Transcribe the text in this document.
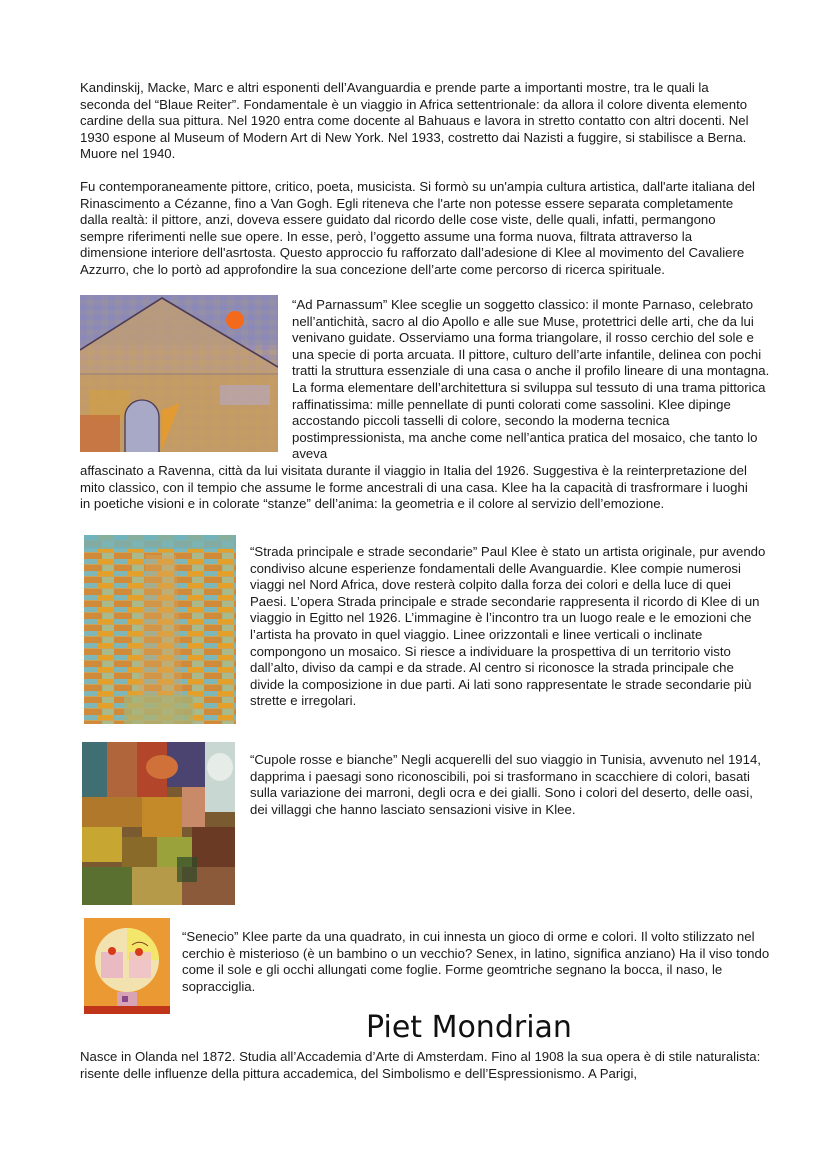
Kandinskij, Macke, Marc e altri esponenti dell’Avanguardia e prende parte a importanti mostre, tra le quali la seconda del “Blaue Reiter”. Fondamentale è un viaggio in Africa settentrionale: da allora il colore diventa elemento cardine della sua pittura. Nel 1920 entra come docente al Bahuaus e lavora in stretto contatto con altri docenti. Nel 1930 espone al Museum of Modern Art di New York. Nel 1933, costretto dai Nazisti a fuggire, si stabilisce a Berna. Muore nel 1940.

Fu contemporaneamente pittore, critico, poeta, musicista. Si formò su un'ampia cultura artistica, dall'arte italiana del Rinascimento a Cézanne, fino a Van Gogh. Egli riteneva che l'arte non potesse essere separata completamente dalla realtà: il pittore, anzi, doveva essere guidato dal ricordo delle cose viste, delle quali, infatti, permangono sempre riferimenti nelle sue opere. In esse, però, l’oggetto assume una forma nuova, filtrata attraverso la dimensione interiore dell'asrtosta. Questo approccio fu rafforzato dall’adesione di Klee al movimento del Cavaliere Azzurro, che lo portò ad approfondire la sua concezione dell’arte come percorso di ricerca spirituale.

“Ad Parnassum” Klee sceglie un soggetto classico: il monte Parnaso, celebrato nell’antichità, sacro al dio Apollo e alle sue Muse, protettrici delle arti, che da lui venivano guidate. Osserviamo una forma triangolare, il rosso cerchio del sole e una specie di porta arcuata. Il pittore, culturo dell’arte infantile, delinea con pochi tratti la struttura essenziale di una casa o anche il profilo lineare di una montagna. La forma elementare dell’architettura si sviluppa sul tessuto di una trama pittorica raffinatissima: mille pennellate di punti colorati come sassolini. Klee dipinge accostando piccoli tasselli di colore, secondo la moderna tecnica postimpressionista, ma anche come nell’antica pratica del mosaico, che tanto lo aveva

affascinato a Ravenna, città da lui visitata durante il viaggio in Italia del 1926. Suggestiva è la reinterpretazione del mito classico, con il tempio che assume le forme ancestrali di una casa. Klee ha la capacità di trasfrormare i luoghi in poetiche visioni e in colorate “stanze” dell’anima: la geometria e il colore al servizio dell’emozione.

“Strada principale e strade secondarie” Paul Klee è stato un artista originale, pur avendo condiviso alcune esperienze fondamentali delle Avanguardie. Klee compie numerosi viaggi nel Nord Africa, dove resterà colpito dalla forza dei colori e della luce di quei Paesi. L’opera Strada principale e strade secondarie rappresenta il ricordo di Klee di un viaggio in Egitto nel 1926. L’immagine è l’incontro tra un luogo reale e le emozioni che l’artista ha provato in quel viaggio. Linee orizzontali e linee verticali o inclinate compongono un mosaico. Si riesce a individuare la prospettiva di un territorio visto dall’alto, diviso da campi e da strade. Al centro si riconosce la strada principale che divide la composizione in due parti. Ai lati sono rappresentate le strade secondarie più strette e irregolari.

“Cupole rosse e bianche” Negli acquerelli del suo viaggio in Tunisia, avvenuto nel 1914, dapprima i paesagi sono riconoscibili, poi si trasformano in scacchiere di colori, basati sulla variazione dei marroni, degli ocra e dei gialli. Sono i colori del deserto, delle oasi, dei villaggi che hanno lasciato sensazioni visive in Klee.

“Senecio” Klee parte da una quadrato, in cui innesta un gioco di orme e colori. Il volto stilizzato nel cerchio è misterioso (è un bambino o un vecchio? Senex, in latino, significa anziano) Ha il viso tondo come il sole e gli occhi allungati come foglie. Forme geomtriche segnano la bocca, il naso, le sopracciglia.

Piet Mondrian

Nasce in Olanda nel 1872. Studia all’Accademia d’Arte di Amsterdam. Fino al 1908 la sua opera è di stile naturalista: risente delle influenze della pittura accademica, del Simbolismo e dell’Espressionismo. A Parigi,
